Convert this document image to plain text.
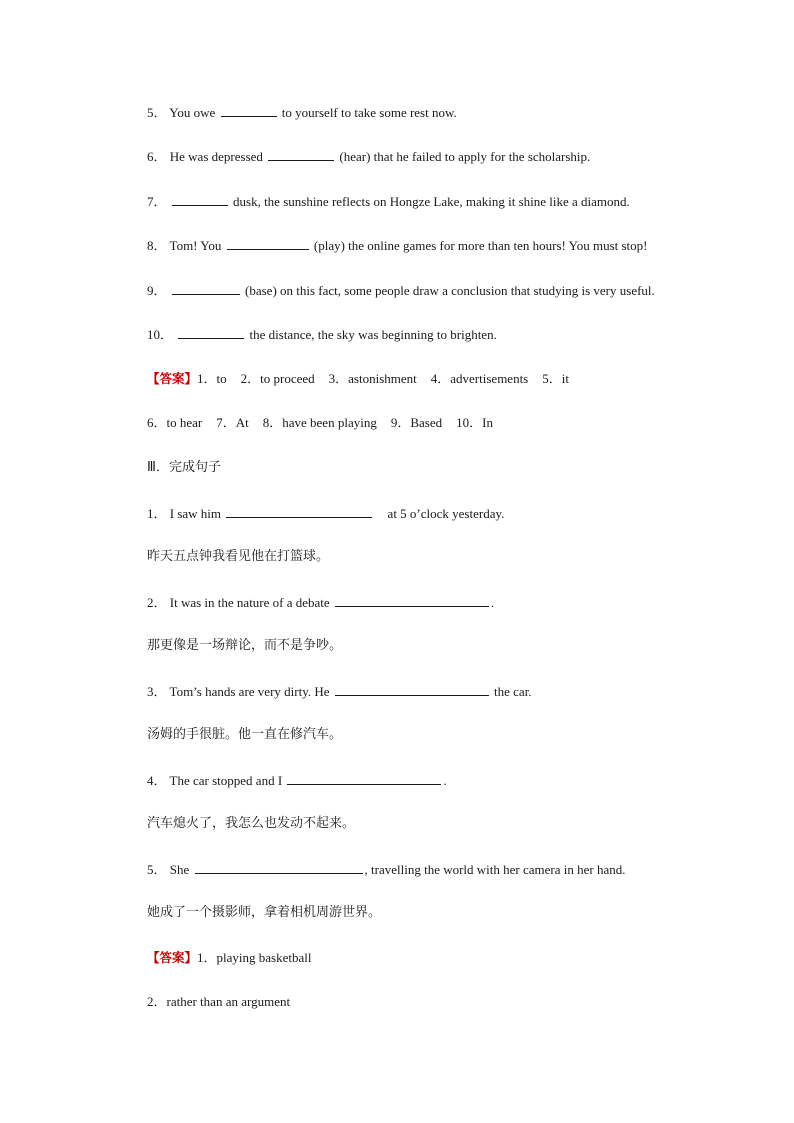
5． You owe	to yourself to take some rest now.
6． He was depressed	(hear) that he failed to apply for the scholarship.
7．	dusk, the sunshine reflects on Hongze Lake, making it shine like a diamond.
8． Tom! You	(play) the online games for more than ten hours! You must stop!
9．	(base) on this fact, some people draw a conclusion that studying is very useful.
10．	the distance, the sky was beginning to brighten.
【答案】1．to 2．to proceed 3．astonishment 4．advertisements 5．it
6．to hear 7．At 8．have been playing 9．Based 10．In
Ⅲ．完成句子
1． I saw him	at 5 o’clock yesterday.
昨天五点钟我看见他在打篮球。
2． It was in the nature of a debate	.
那更像是一场辩论，而不是争吵。
3． Tom’s hands are very dirty. He	the car.
汤姆的手很脏。他一直在修汽车。
4． The car stopped and I	.
汽车熄火了，我怎么也发动不起来。
5． She	, travelling the world with her camera in her hand.
她成了一个摄影师，拿着相机周游世界。
【答案】1．playing basketball
2．rather than an argument
